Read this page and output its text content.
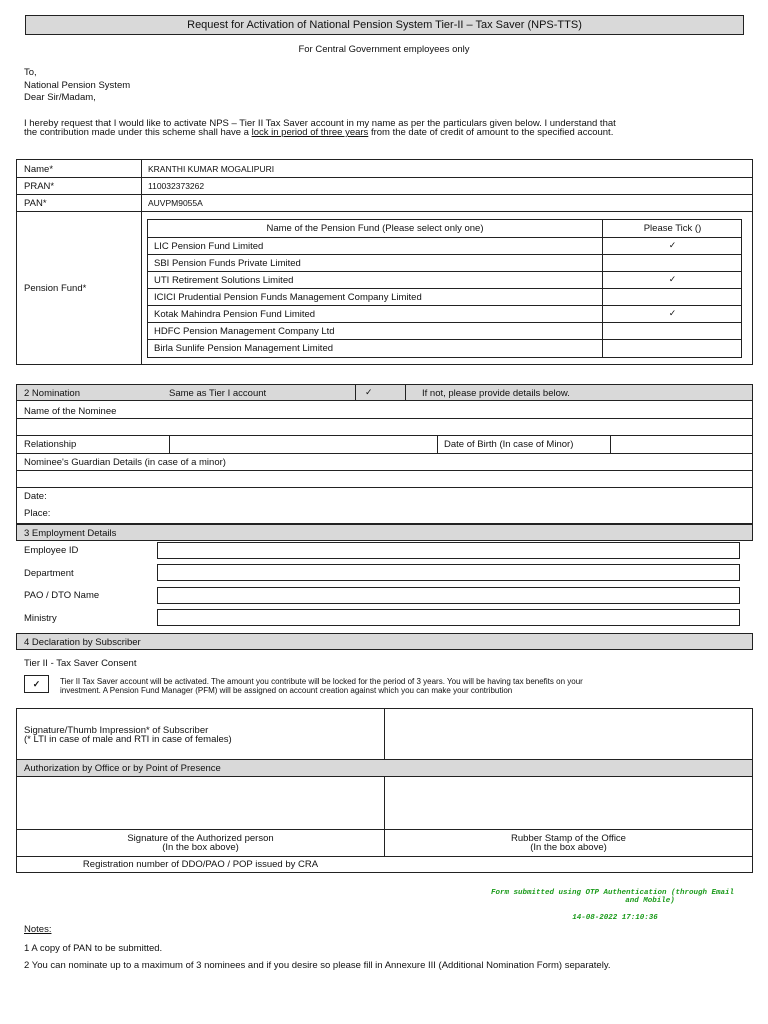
Request for Activation of National Pension System Tier-II – Tax Saver (NPS-TTS)
For Central Government employees only
To,
National Pension System
Dear Sir/Madam,
I hereby request that I would like to activate NPS – Tier II Tax Saver account in my name as per the particulars given below. I understand that
the contribution made under this scheme shall have a lock in period of three years from the date of credit of amount to the specified account.
Name*	KRANTHI KUMAR MOGALIPURI
PRAN*	110032373262
PAN*	AUVPM9055A
Pension Fund*
Name of the Pension Fund (Please select only one)	Please Tick ()
LIC Pension Fund Limited	✓
SBI Pension Funds Private Limited
UTI Retirement Solutions Limited	✓
ICICI Prudential Pension Funds Management Company Limited
Kotak Mahindra Pension Fund Limited	✓
HDFC Pension Management Company Ltd
Birla Sunlife Pension Management Limited
2 Nomination	Same as Tier I account	✓	If not, please provide details below.
Name of the Nominee
Relationship	Date of Birth (In case of Minor)
Nominee's Guardian Details (in case of a minor)
Date:
Place:
3 Employment Details
Employee ID
Department
PAO / DTO Name
Ministry
4 Declaration by Subscriber
Tier II - Tax Saver Consent
✓	Tier II Tax Saver account will be activated. The amount you contribute will be locked for the period of 3 years. You will be having tax benefits on your
investment. A Pension Fund Manager (PFM) will be assigned on account creation against which you can make your contribution
Signature/Thumb Impression* of Subscriber
(* LTI in case of male and RTI in case of females)
Authorization by Office or by Point of Presence
Signature of the Authorized person
(In the box above)
Rubber Stamp of the Office
(In the box above)
Registration number of DDO/PAO / POP issued by CRA
Form submitted using OTP Authentication (through Email
and Mobile)
14-08-2022 17:10:36
Notes:
1 A copy of PAN to be submitted.
2 You can nominate up to a maximum of 3 nominees and if you desire so please fill in Annexure III (Additional Nomination Form) separately.
